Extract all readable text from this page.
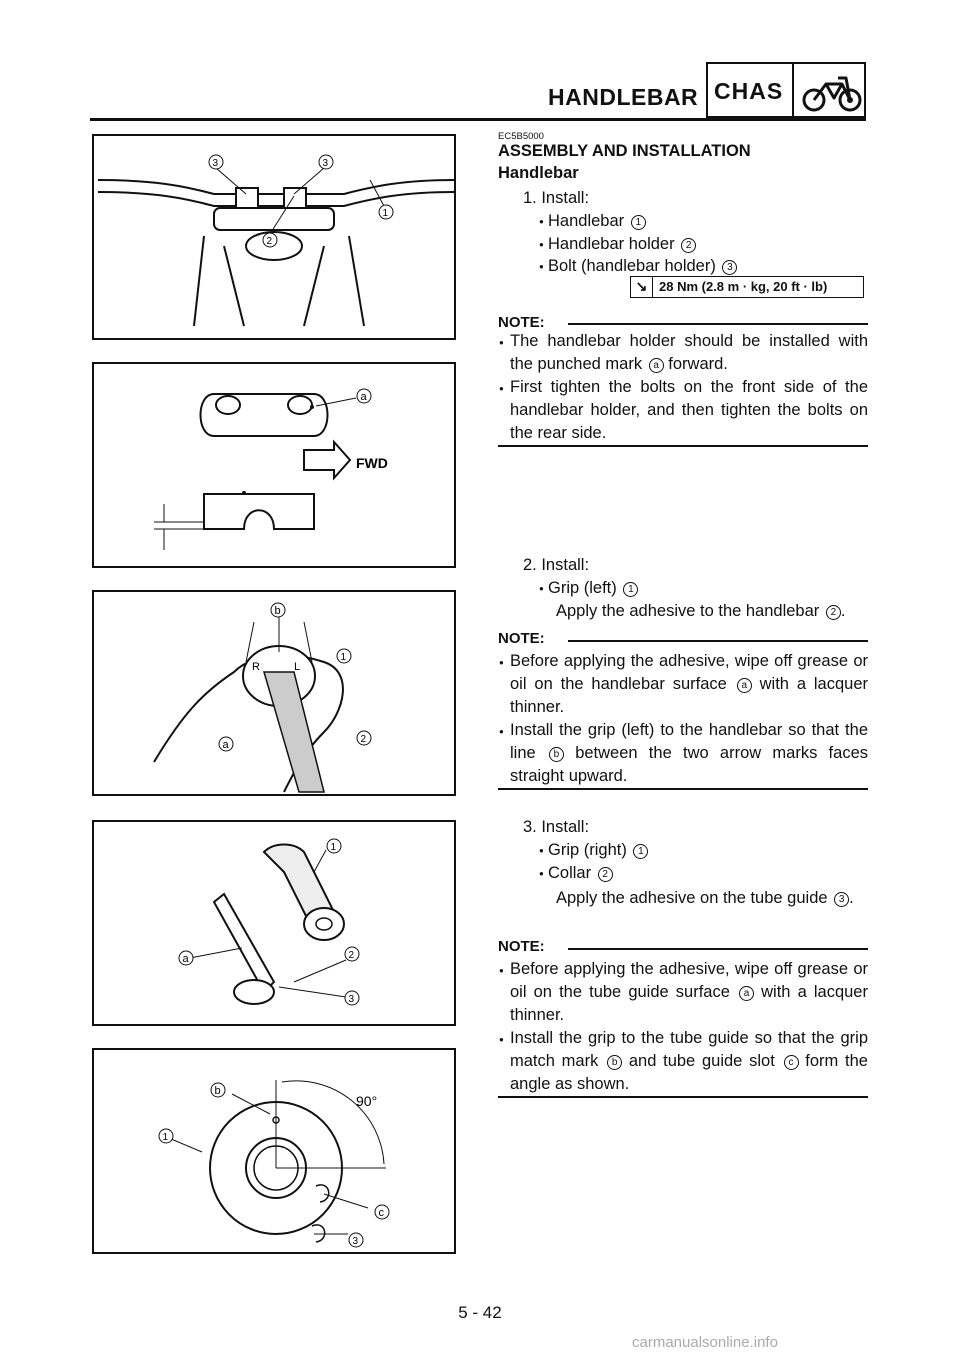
HANDLEBAR CHAS
3	3
2
1
a
FWD
R	L
b
1
a	2
1
2
3
a
90°
b
1
c
3
EC5B5000
ASSEMBLY AND INSTALLATION
Handlebar
1. Install:
● Handlebar 1
● Handlebar holder 2
● Bolt (handlebar holder) 3
↘ 28 Nm (2.8 m · kg, 20 ft · lb)
NOTE:
● The handlebar holder should be installed with the punched mark a forward.
● First tighten the bolts on the front side of the handlebar holder, and then tighten the bolts on the rear side.
2. Install:
● Grip (left) 1
Apply the adhesive to the handlebar 2 .
NOTE:
● Before applying the adhesive, wipe off grease or oil on the handlebar surface a with a lacquer thinner.
● Install the grip (left) to the handlebar so that the line b between the two arrow marks faces straight upward.
3. Install:
● Grip (right) 1
● Collar 2
Apply the adhesive on the tube guide 3 .
NOTE:
● Before applying the adhesive, wipe off grease or oil on the tube guide surface a with a lacquer thinner.
● Install the grip to the tube guide so that the grip match mark b and tube guide slot c form the angle as shown.
5 - 42
carmanualsonline.info
